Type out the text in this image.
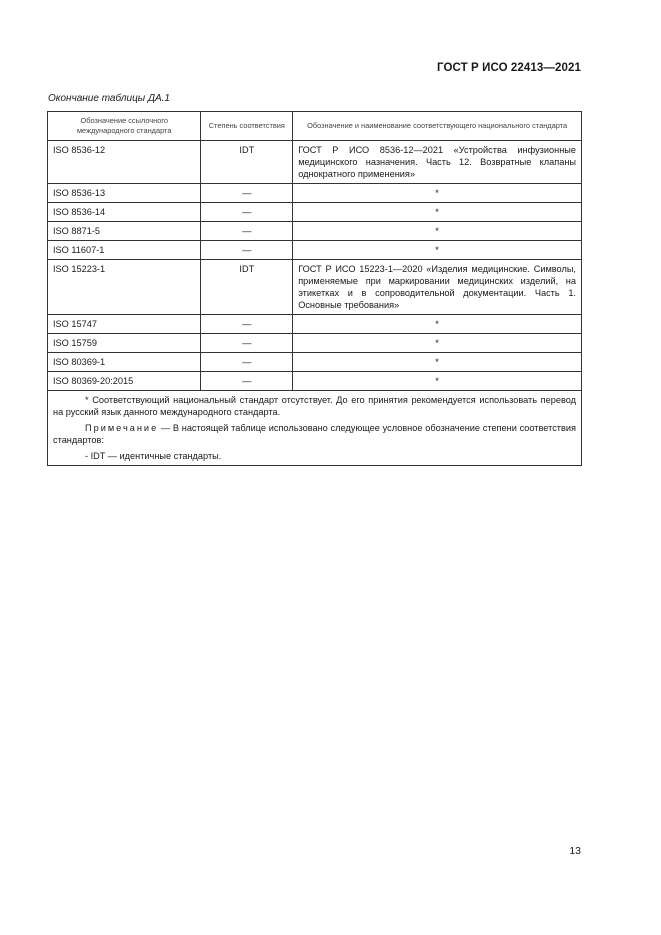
ГОСТ Р ИСО 22413—2021
Окончание таблицы ДА.1
Обозначение ссылочного международного стандарта	Степень соответствия	Обозначение и наименование соответствующего национального стандарта
ISO 8536-12	IDT	ГОСТ Р ИСО 8536-12—2021 «Устройства инфузионные медицинского назначения. Часть 12. Возвратные клапаны однократного применения»
ISO 8536-13	—	*
ISO 8536-14	—	*
ISO 8871-5	—	*
ISO 11607-1	—	*
ISO 15223-1	IDT	ГОСТ Р ИСО 15223-1—2020 «Изделия медицинские. Символы, применяемые при маркировании медицинских изделий, на этикетках и в сопроводительной документации. Часть 1. Основные требования»
ISO 15747	—	*
ISO 15759	—	*
ISO 80369-1	—	*
ISO 80369-20:2015	—	*

* Соответствующий национальный стандарт отсутствует. До его принятия рекомендуется использовать перевод на русский язык данного международного стандарта.

Примечание — В настоящей таблице использовано следующее условное обозначение степени соответствия стандартов:

- IDT — идентичные стандарты.		
13
